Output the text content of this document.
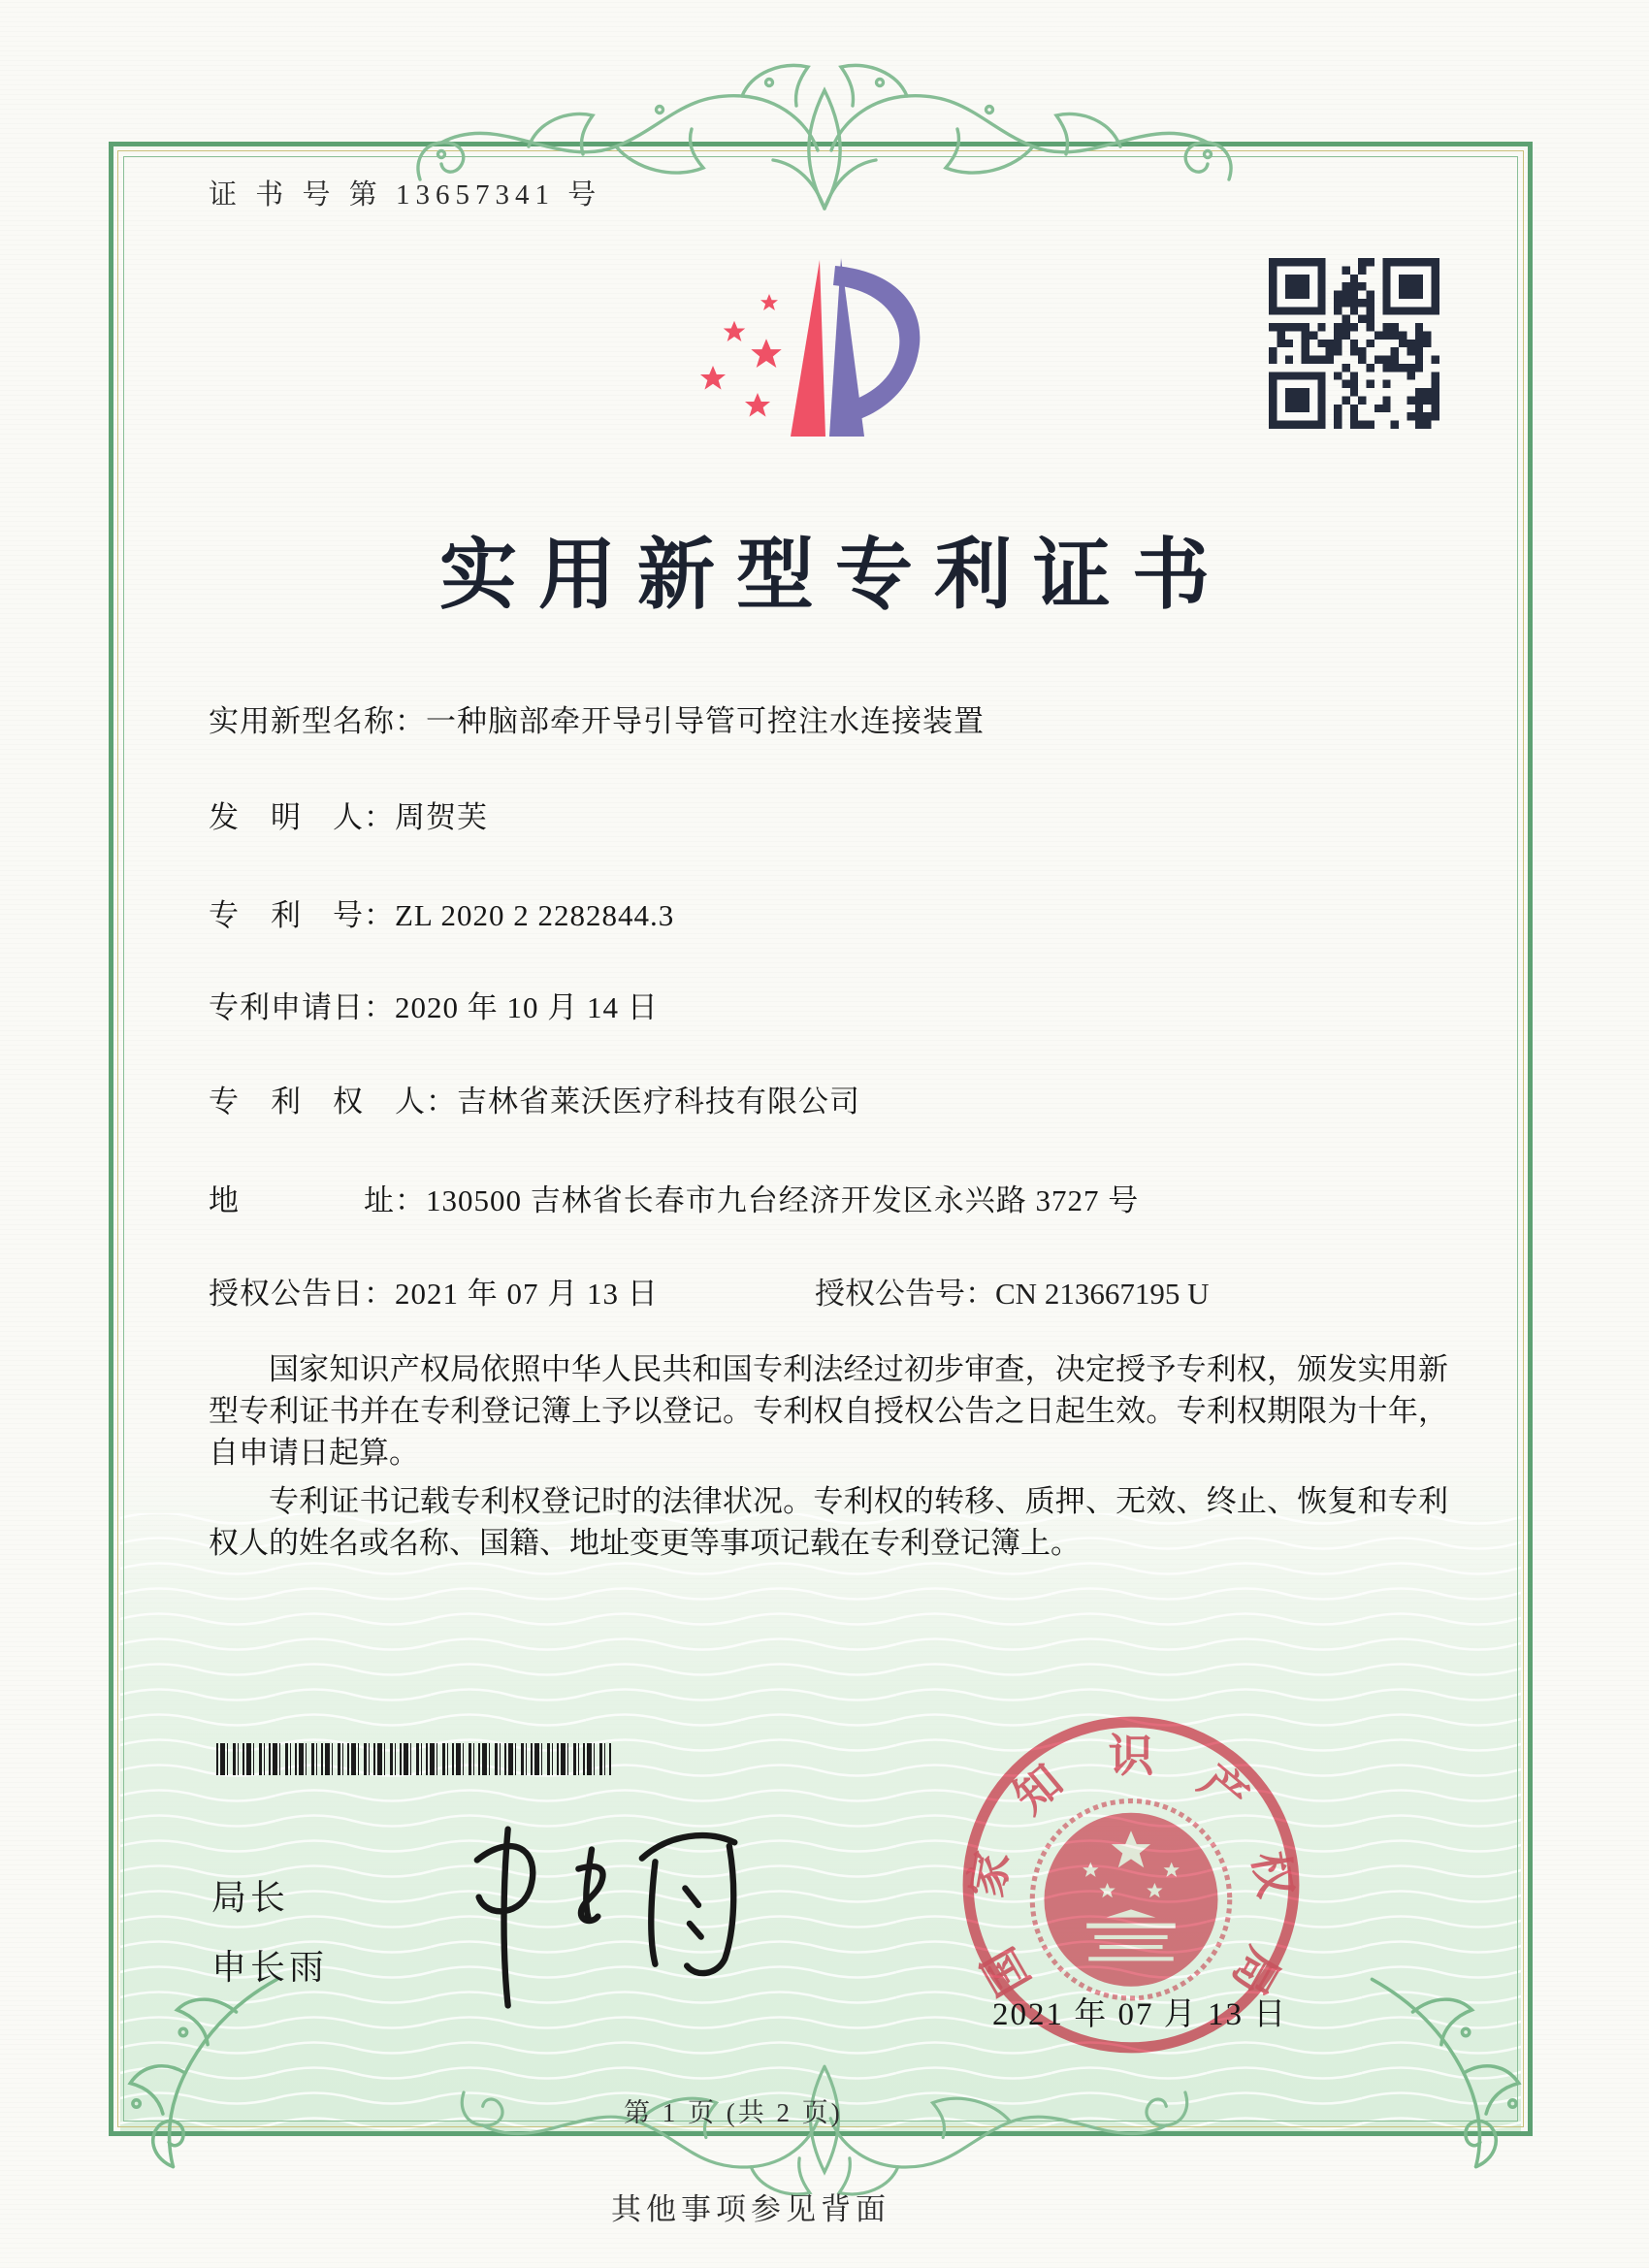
证 书 号 第 13657341 号
实用新型专利证书
实用新型名称：一种脑部牵开导引导管可控注水连接装置
发　明　人：周贺芙
专　利　号：ZL 2020 2 2282844.3
专利申请日：2020 年 10 月 14 日
专　利　权　人：吉林省莱沃医疗科技有限公司
地　　　　址：130500 吉林省长春市九台经济开发区永兴路 3727 号
授权公告日：2021 年 07 月 13 日	授权公告号：CN 213667195 U

国家知识产权局依照中华人民共和国专利法经过初步审查，决定授予专利权，颁发实用新型专利证书并在专利登记簿上予以登记。专利权自授权公告之日起生效。专利权期限为十年，自申请日起算。

专利证书记载专利权登记时的法律状况。专利权的转移、质押、无效、终止、恢复和专利权人的姓名或名称、国籍、地址变更等事项记载在专利登记簿上。

局长
申长雨	国
家
知 识 产
权
局
2021 年 07 月 13 日
第 1 页 (共 2 页)
其他事项参见背面
